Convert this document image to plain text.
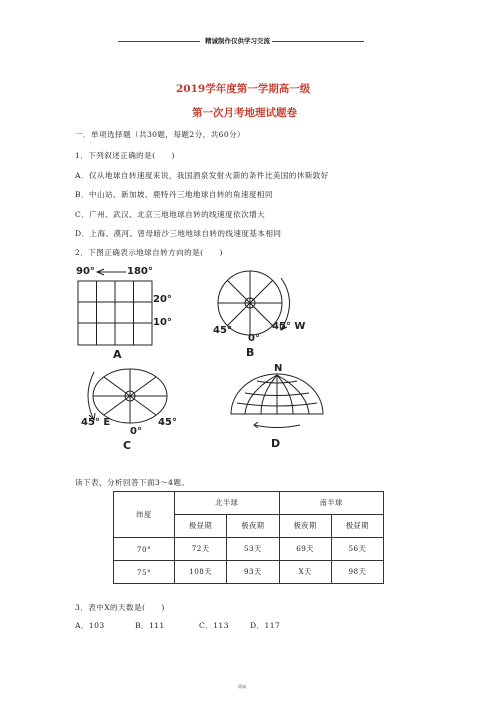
精诚制作仅供学习交流
2019学年度第一学期高一级
第一次月考地理试题卷
一．单项选择题（共30题，每题2分，共60分）
1．下列叙述正确的是(　　)
A．仅从地球自转速度来说，我国酒泉发射火箭的条件比美国的休斯敦好
B．中山站、新加坡、鹿特丹三地地球自转的角速度相同
C．广州、武汉、北京三地地球自转的线速度依次增大
D．上海、漠河、曾母暗沙三地地球自转的线速度基本相同
2．下图正确表示地球自转方向的是(　　)
90°	180°
20°
10°
A
45°	45° W
0°
B
45° E	45°
0°
C
N
D
读下表，分析回答下面3～4题。
纬度	北半球		南半球	
	极昼期	极夜期	极夜期	极昼期
70°	72天	53天	69天	56天
75°	108天	93天	X天	98天
3．表中X的天数是(　　)
A．103	B．111	C．113	D．117
精诚
